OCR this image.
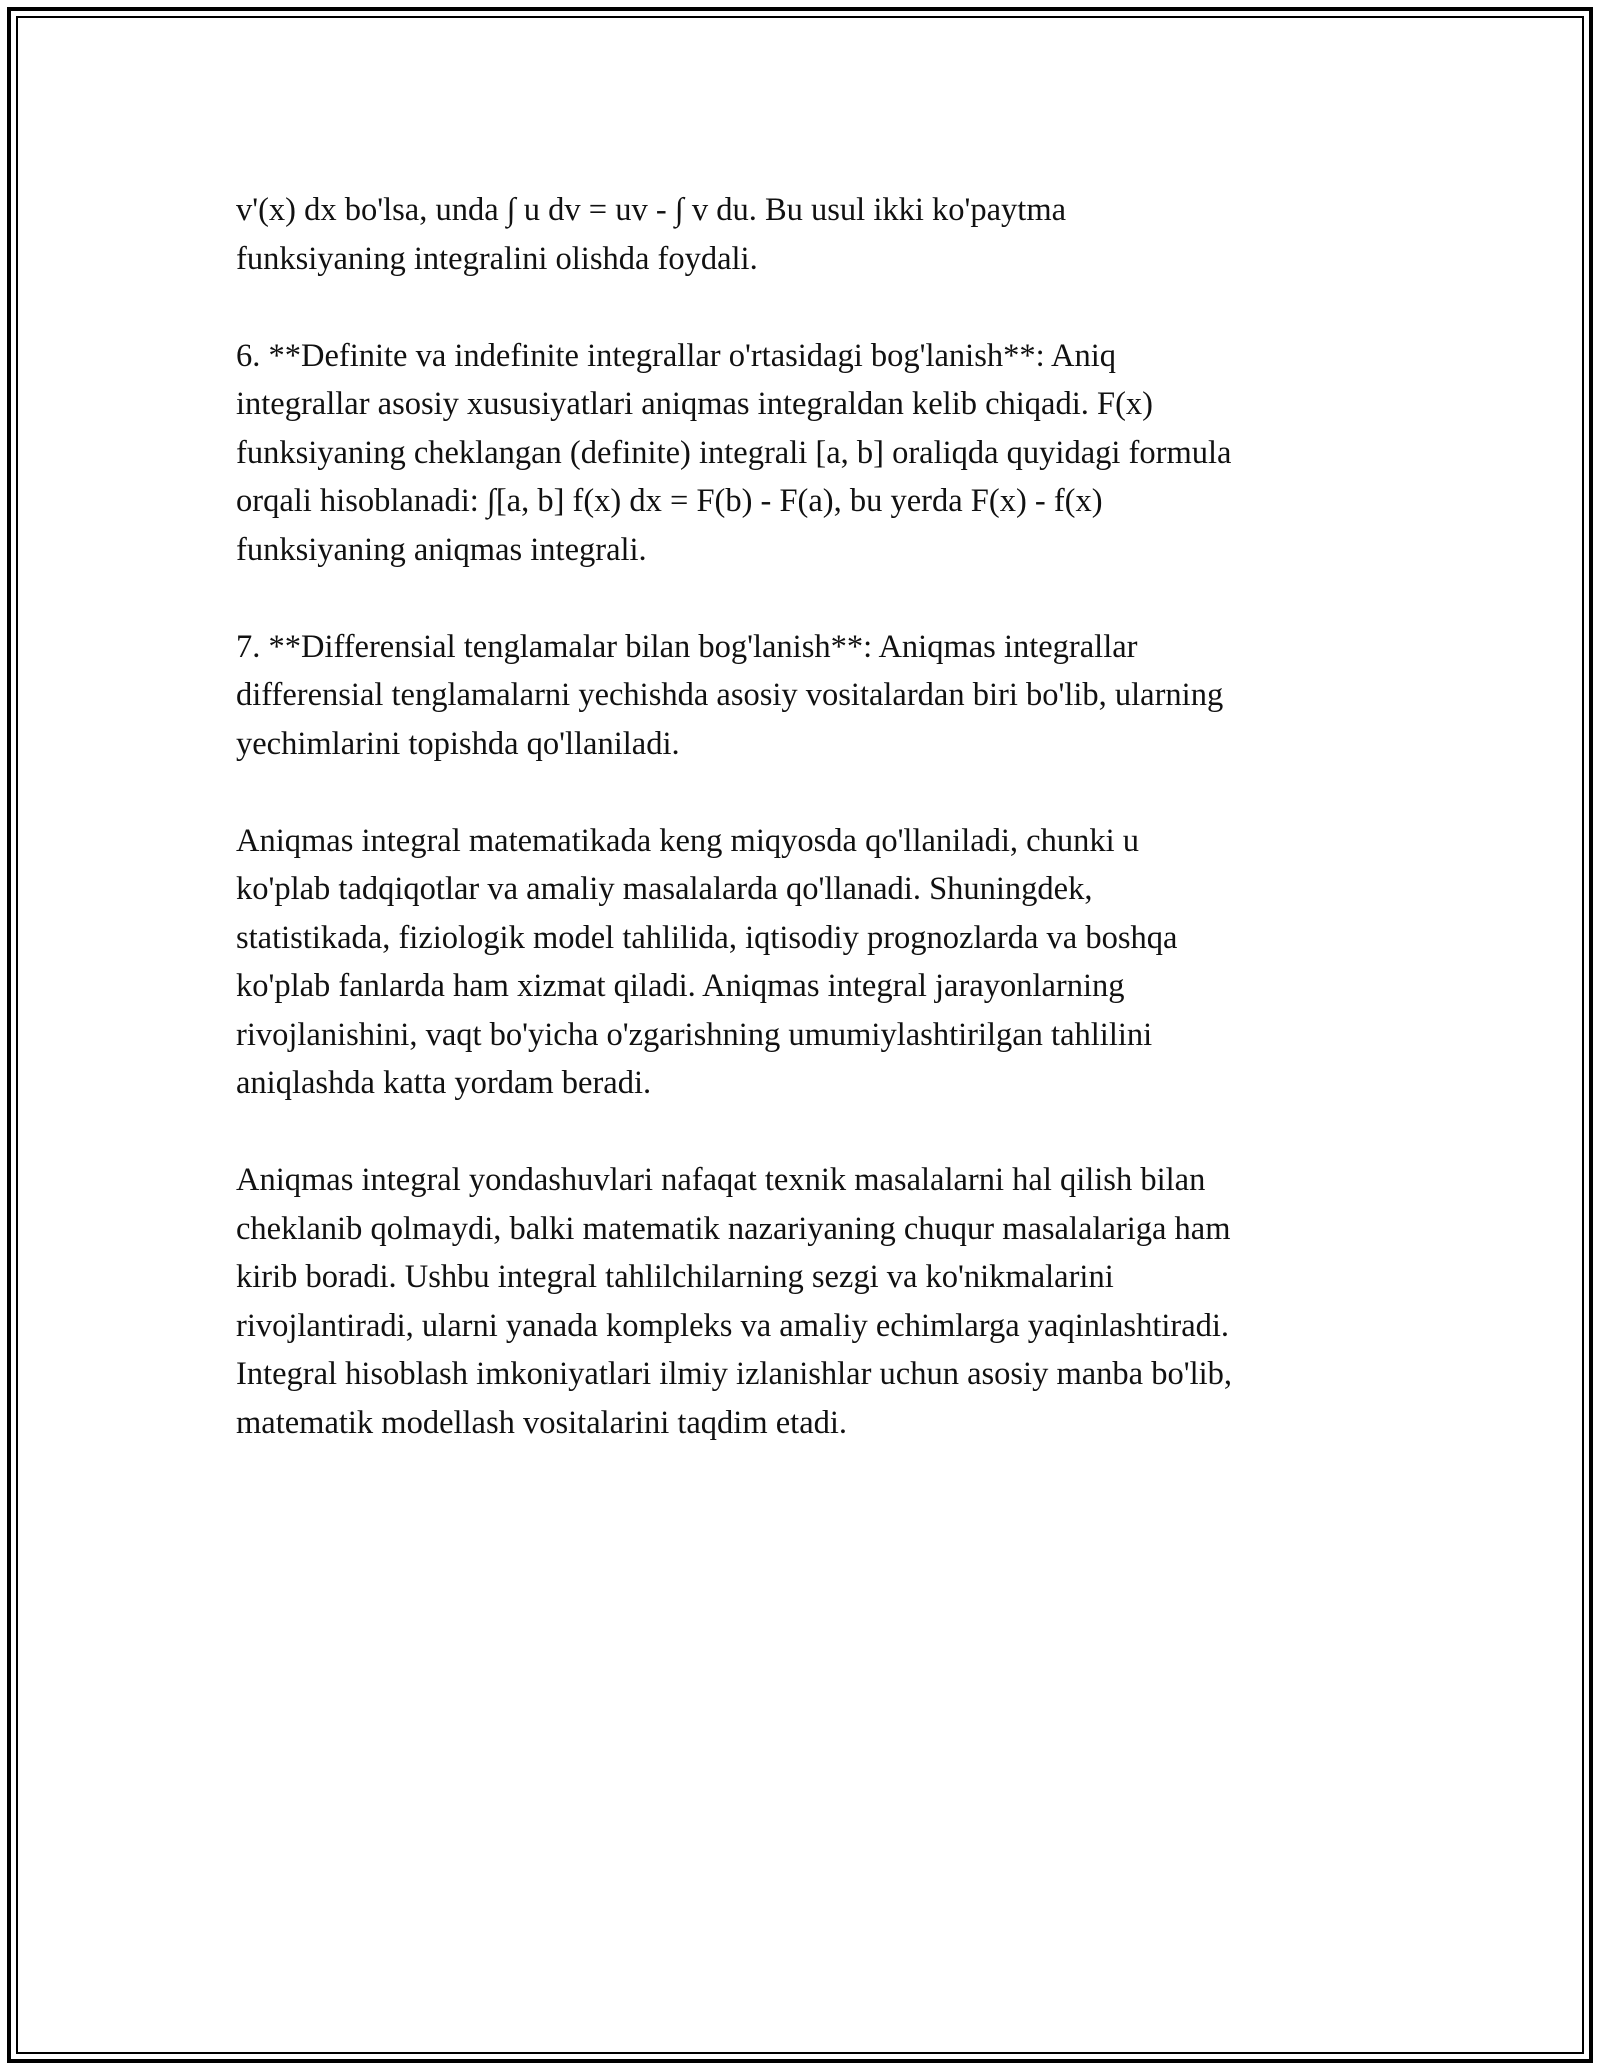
v'(x) dx bo'lsa, unda ∫ u dv = uv - ∫ v du. Bu usul ikki ko'paytma
funksiyaning integralini olishda foydali.

6. **Definite va indefinite integrallar o'rtasidagi bog'lanish**: Aniq
integrallar asosiy xususiyatlari aniqmas integraldan kelib chiqadi. F(x)
funksiyaning cheklangan (definite) integrali [a, b] oraliqda quyidagi formula
orqali hisoblanadi: ∫[a, b] f(x) dx = F(b) - F(a), bu yerda F(x) - f(x)
funksiyaning aniqmas integrali.

7. **Differensial tenglamalar bilan bog'lanish**: Aniqmas integrallar
differensial tenglamalarni yechishda asosiy vositalardan biri bo'lib, ularning
yechimlarini topishda qo'llaniladi.

Aniqmas integral matematikada keng miqyosda qo'llaniladi, chunki u
ko'plab tadqiqotlar va amaliy masalalarda qo'llanadi. Shuningdek,
statistikada, fiziologik model tahlilida, iqtisodiy prognozlarda va boshqa
ko'plab fanlarda ham xizmat qiladi. Aniqmas integral jarayonlarning
rivojlanishini, vaqt bo'yicha o'zgarishning umumiylashtirilgan tahlilini
aniqlashda katta yordam beradi.

Aniqmas integral yondashuvlari nafaqat texnik masalalarni hal qilish bilan
cheklanib qolmaydi, balki matematik nazariyaning chuqur masalalariga ham
kirib boradi. Ushbu integral tahlilchilarning sezgi va ko'nikmalarini
rivojlantiradi, ularni yanada kompleks va amaliy echimlarga yaqinlashtiradi.
Integral hisoblash imkoniyatlari ilmiy izlanishlar uchun asosiy manba bo'lib,
matematik modellash vositalarini taqdim etadi.
